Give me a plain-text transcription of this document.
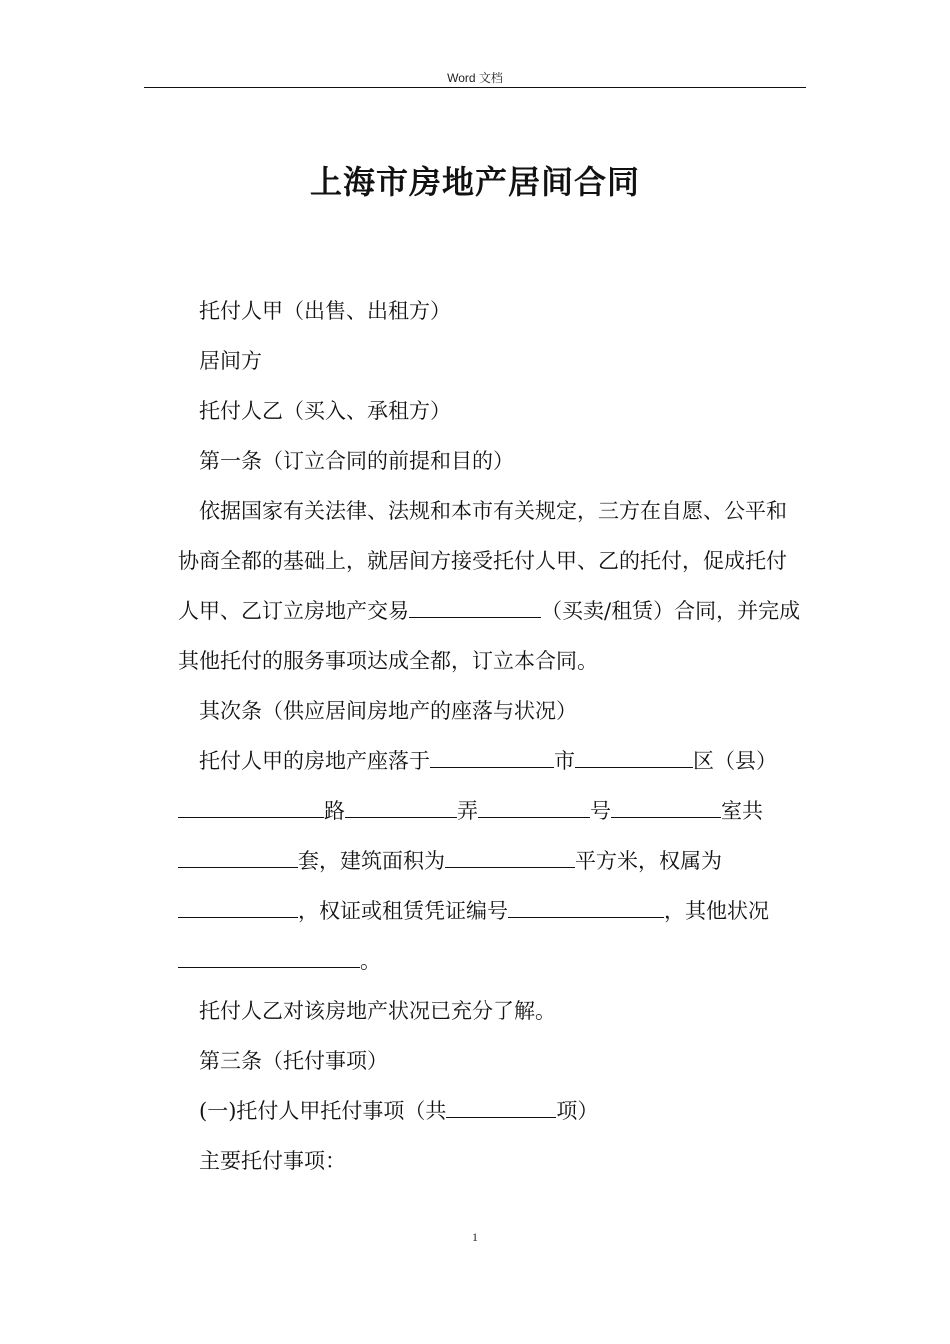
Word 文档
上海市房地产居间合同

托付人甲（出售、出租方）

居间方

托付人乙（买入、承租方）

第一条（订立合同的前提和目的）

依据国家有关法律、法规和本市有关规定，三方在自愿、公平和协商全都的基础上，就居间方接受托付人甲、乙的托付，促成托付人甲、乙订立房地产交易	（买卖/租赁）合同，并完成其他托付的服务事项达成全都，订立本合同。

其次条（供应居间房地产的座落与状况）

托付人甲的房地产座落于	市	区（县）路	弄	号	室共套，建筑面积为	平方米，权属为，权证或租赁凭证编号	，其他状况。

托付人乙对该房地产状况已充分了解。

第三条（托付事项）

(一)托付人甲托付事项（共	项）

主要托付事项：

1
